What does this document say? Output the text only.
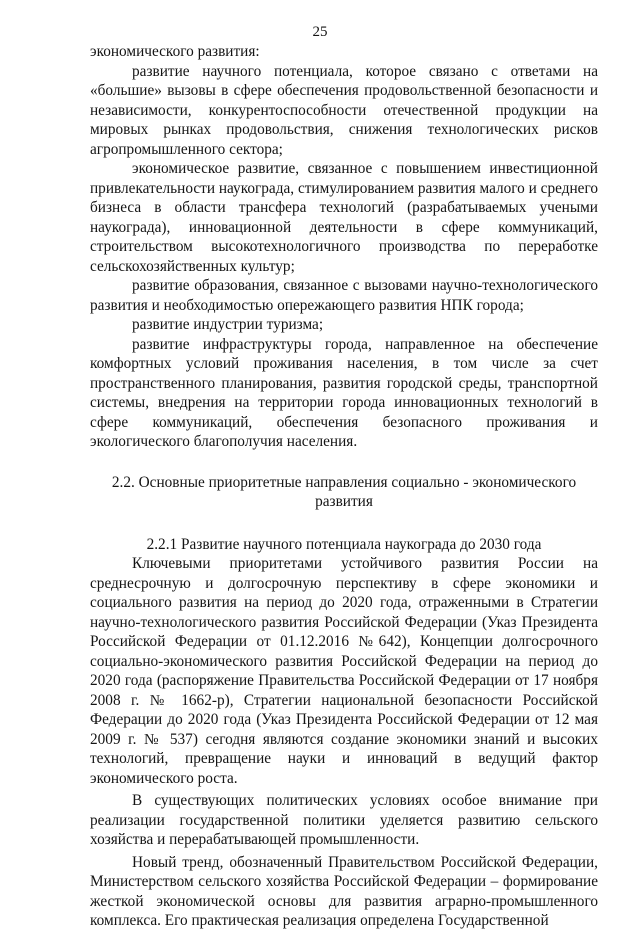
25

экономического развития:

развитие научного потенциала, которое связано с ответами на «большие» вызовы в сфере обеспечения продовольственной безопасности и независимости, конкурентоспособности отечественной продукции на мировых рынках продовольствия, снижения технологических рисков агропромышленного сектора;

экономическое развитие, связанное с повышением инвестиционной привлекательности наукограда, стимулированием развития малого и среднего бизнеса в области трансфера технологий (разрабатываемых учеными наукограда), инновационной деятельности в сфере коммуникаций, строительством высокотехнологичного производства по переработке сельскохозяйственных культур;

развитие образования, связанное с вызовами научно-технологического развития и необходимостью опережающего развития НПК города;

развитие индустрии туризма;

развитие инфраструктуры города, направленное на обеспечение комфортных условий проживания населения, в том числе за счет пространственного планирования, развития городской среды, транспортной системы, внедрения на территории города инновационных технологий в сфере коммуникаций, обеспечения безопасного проживания и экологического благополучия населения.

2.2. Основные приоритетные направления социально - экономического развития

2.2.1 Развитие научного потенциала наукограда до 2030 года

Ключевыми приоритетами устойчивого развития России на среднесрочную и долгосрочную перспективу в сфере экономики и социального развития на период до 2020 года, отраженными в Стратегии научно-технологического развития Российской Федерации (Указ Президента Российской Федерации от 01.12.2016 №642), Концепции долгосрочного социально-экономического развития Российской Федерации на период до 2020 года (распоряжение Правительства Российской Федерации от 17 ноября 2008 г. № 1662-р), Стратегии национальной безопасности Российской Федерации до 2020 года (Указ Президента Российской Федерации от 12 мая 2009 г. № 537) сегодня являются создание экономики знаний и высоких технологий, превращение науки и инноваций в ведущий фактор экономического роста.

В существующих политических условиях особое внимание при реализации государственной политики уделяется развитию сельского хозяйства и перерабатывающей промышленности.

Новый тренд, обозначенный Правительством Российской Федерации, Министерством сельского хозяйства Российской Федерации – формирование жесткой экономической основы для развития аграрно-промышленного комплекса. Его практическая реализация определена Государственной
